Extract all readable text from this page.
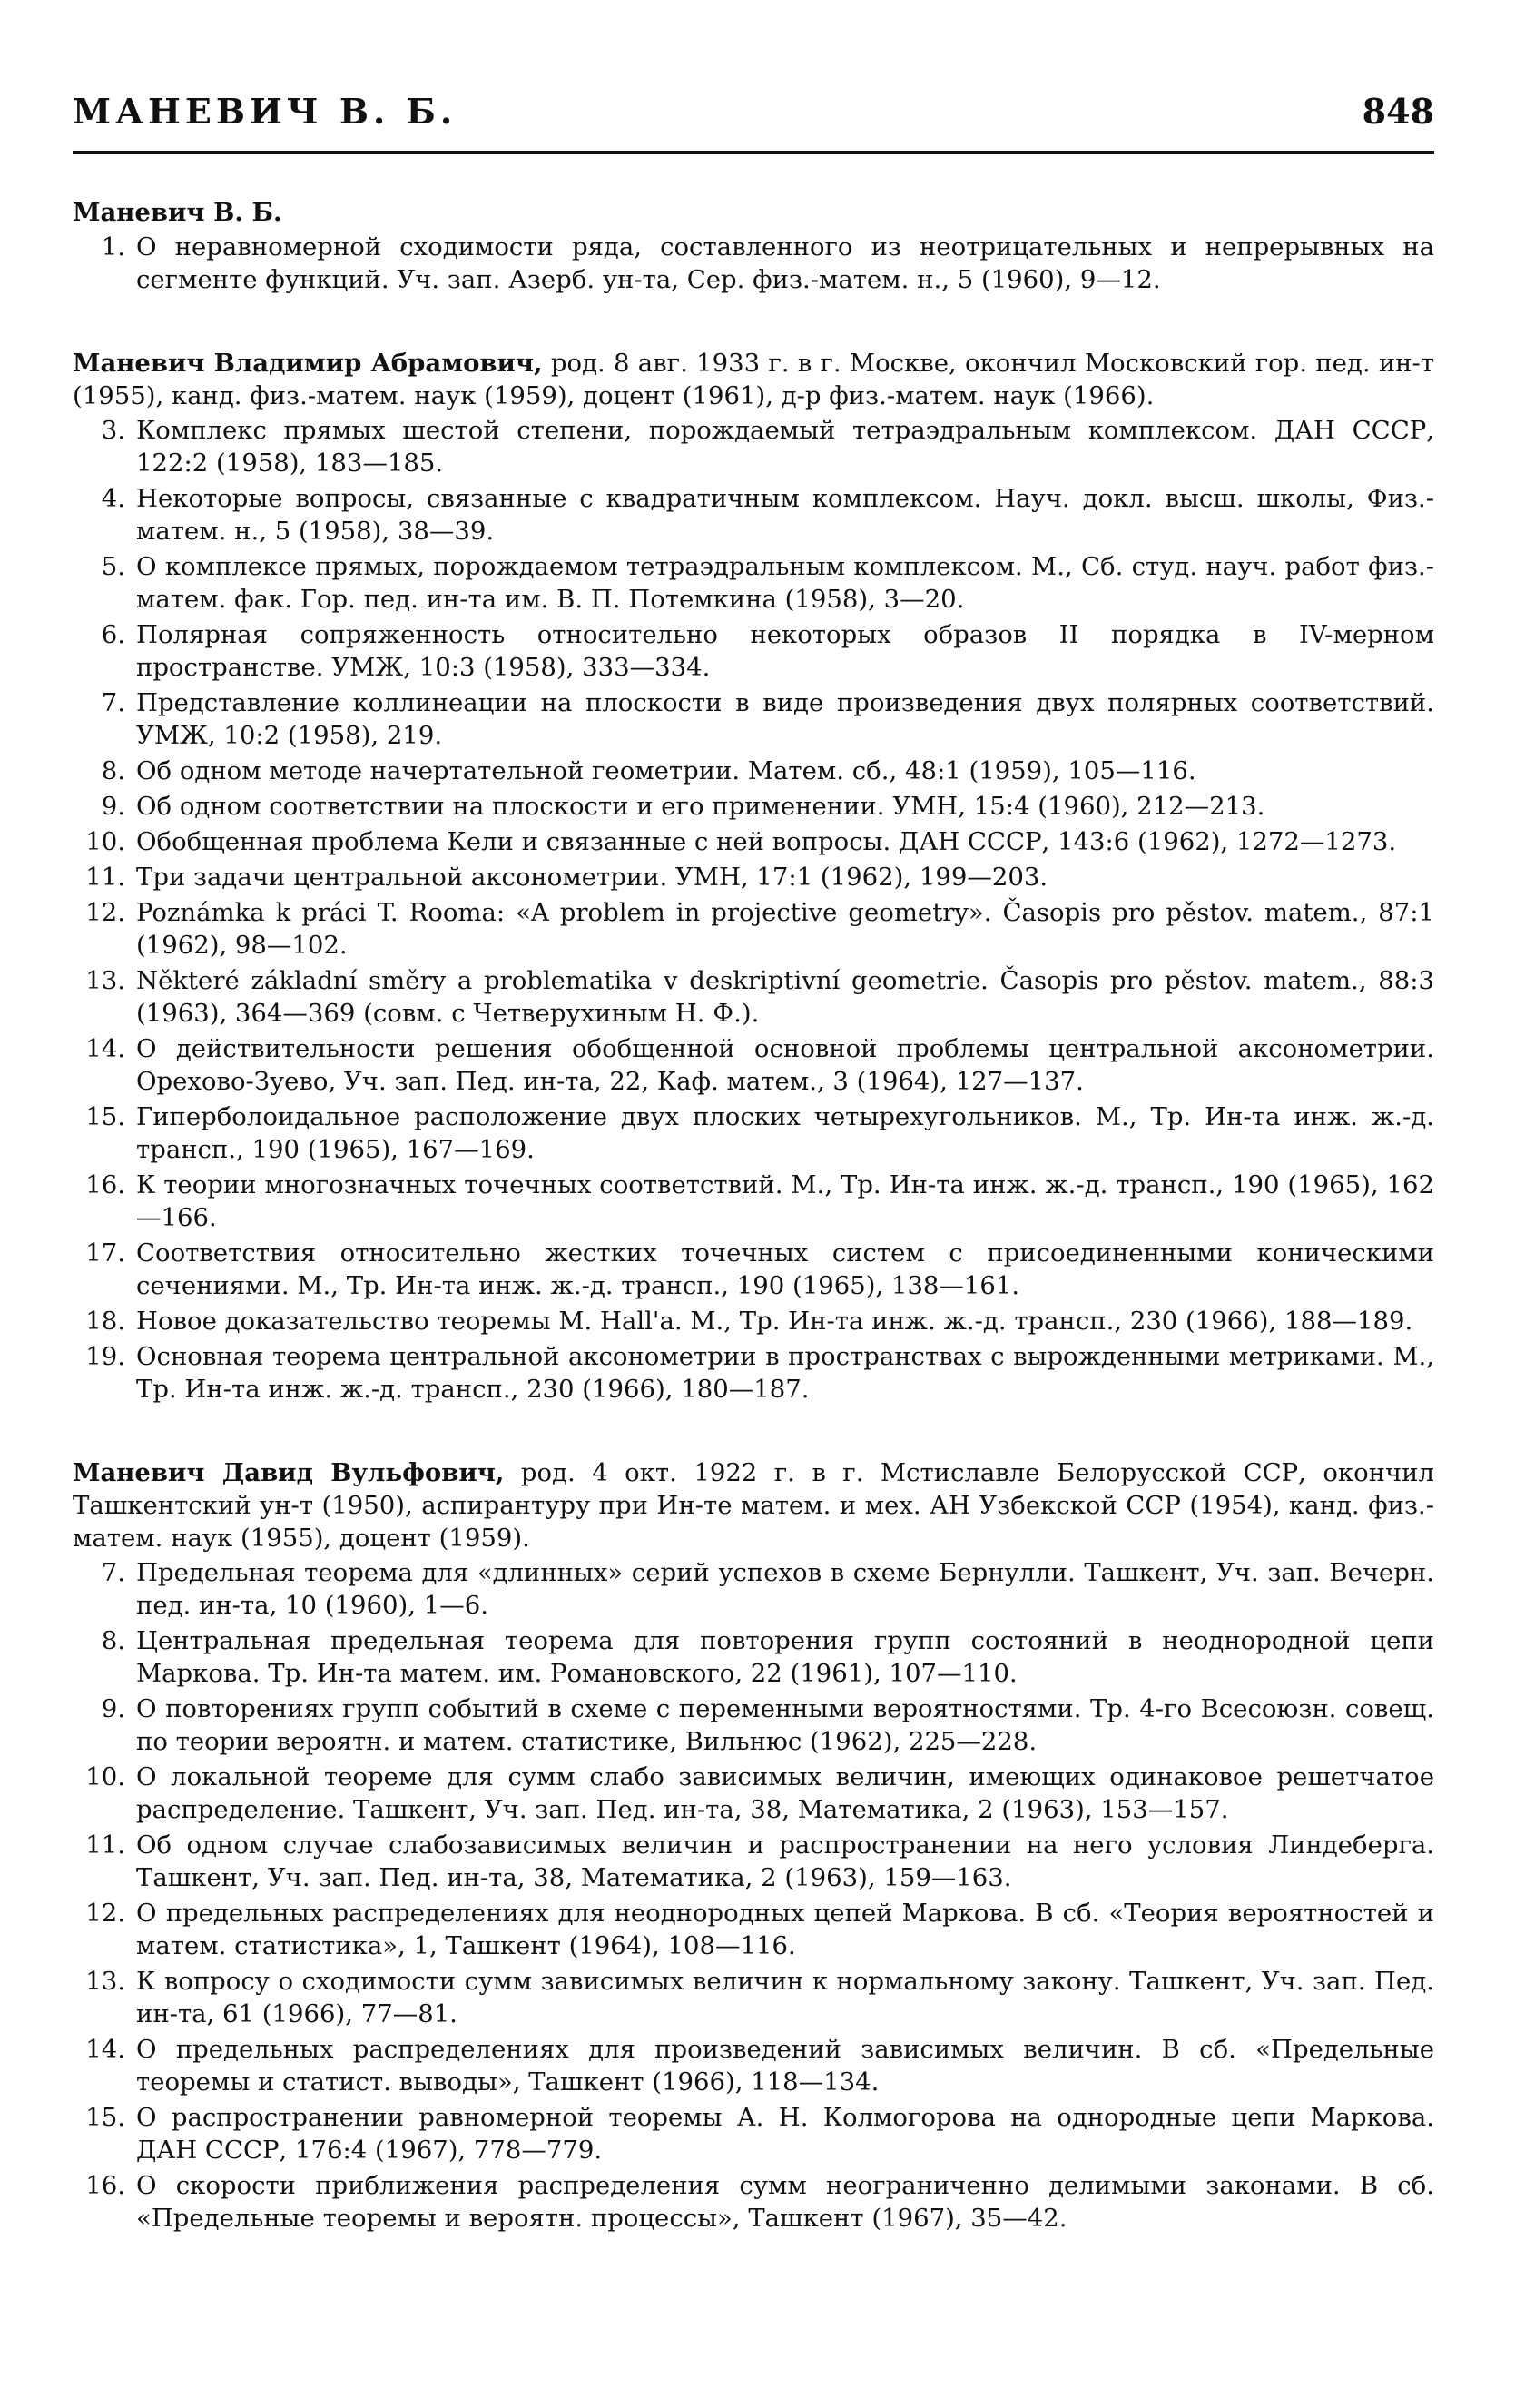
МАНЕВИЧ В. Б.	848

Маневич В. Б.

1. О неравномерной сходимости ряда, составленного из неотрицательных и непрерывных на сегменте функций. Уч. зап. Азерб. ун-та, Сер. физ.-матем. н., 5 (1960), 9—12.

Маневич Владимир Абрамович, род. 8 авг. 1933 г. в г. Москве, окончил Московский гор. пед. ин-т (1955), канд. физ.-матем. наук (1959), доцент (1961), д-р физ.-матем. наук (1966).

3. Комплекс прямых шестой степени, порождаемый тетраэдральным комплексом. ДАН СССР, 122:2 (1958), 183—185.
4. Некоторые вопросы, связанные с квадратичным комплексом. Науч. докл. высш. школы, Физ.-матем. н., 5 (1958), 38—39.
5. О комплексе прямых, порождаемом тетраэдральным комплексом. М., Сб. студ. науч. работ физ.-матем. фак. Гор. пед. ин-та им. В. П. Потемкина (1958), 3—20.
6. Полярная сопряженность относительно некоторых образов II порядка в IV-мерном пространстве. УМЖ, 10:3 (1958), 333—334.
7. Представление коллинеации на плоскости в виде произведения двух полярных соответствий. УМЖ, 10:2 (1958), 219.
8. Об одном методе начертательной геометрии. Матем. сб., 48:1 (1959), 105—116.
9. Об одном соответствии на плоскости и его применении. УМН, 15:4 (1960), 212—213.
10. Обобщенная проблема Кели и связанные с ней вопросы. ДАН СССР, 143:6 (1962), 1272—1273.
11. Три задачи центральной аксонометрии. УМН, 17:1 (1962), 199—203.
12. Poznámka k práci T. Rooma: «A problem in projective geometry». Časopis pro pěstov. matem., 87:1 (1962), 98—102.
13. Některé základní směry a problematika v deskriptivní geometrie. Časopis pro pěstov. matem., 88:3 (1963), 364—369 (совм. с Четверухиным Н. Ф.).
14. О действительности решения обобщенной основной проблемы центральной аксонометрии. Орехово-Зуево, Уч. зап. Пед. ин-та, 22, Каф. матем., 3 (1964), 127—137.
15. Гиперболоидальное расположение двух плоских четырехугольников. М., Тр. Ин-та инж. ж.-д. трансп., 190 (1965), 167—169.
16. К теории многозначных точечных соответствий. М., Тр. Ин-та инж. ж.-д. трансп., 190 (1965), 162—166.
17. Соответствия относительно жестких точечных систем с присоединенными коническими сечениями. М., Тр. Ин-та инж. ж.-д. трансп., 190 (1965), 138—161.
18. Новое доказательство теоремы M. Hall'a. М., Тр. Ин-та инж. ж.-д. трансп., 230 (1966), 188—189.
19. Основная теорема центральной аксонометрии в пространствах с вырожденными метриками. М., Тр. Ин-та инж. ж.-д. трансп., 230 (1966), 180—187.

Маневич Давид Вульфович, род. 4 окт. 1922 г. в г. Мстиславле Белорусской ССР, окончил Ташкентский ун-т (1950), аспирантуру при Ин-те матем. и мех. АН Узбекской ССР (1954), канд. физ.-матем. наук (1955), доцент (1959).

7. Предельная теорема для «длинных» серий успехов в схеме Бернулли. Ташкент, Уч. зап. Вечерн. пед. ин-та, 10 (1960), 1—6.
8. Центральная предельная теорема для повторения групп состояний в неоднородной цепи Маркова. Тр. Ин-та матем. им. Романовского, 22 (1961), 107—110.
9. О повторениях групп событий в схеме с переменными вероятностями. Тр. 4-го Всесоюзн. совещ. по теории вероятн. и матем. статистике, Вильнюс (1962), 225—228.
10. О локальной теореме для сумм слабо зависимых величин, имеющих одинаковое решетчатое распределение. Ташкент, Уч. зап. Пед. ин-та, 38, Математика, 2 (1963), 153—157.
11. Об одном случае слабозависимых величин и распространении на него условия Линдеберга. Ташкент, Уч. зап. Пед. ин-та, 38, Математика, 2 (1963), 159—163.
12. О предельных распределениях для неоднородных цепей Маркова. В сб. «Теория вероятностей и матем. статистика», 1, Ташкент (1964), 108—116.
13. К вопросу о сходимости сумм зависимых величин к нормальному закону. Ташкент, Уч. зап. Пед. ин-та, 61 (1966), 77—81.
14. О предельных распределениях для произведений зависимых величин. В сб. «Предельные теоремы и статист. выводы», Ташкент (1966), 118—134.
15. О распространении равномерной теоремы А. Н. Колмогорова на однородные цепи Маркова. ДАН СССР, 176:4 (1967), 778—779.
16. О скорости приближения распределения сумм неограниченно делимыми законами. В сб. «Предельные теоремы и вероятн. процессы», Ташкент (1967), 35—42.
